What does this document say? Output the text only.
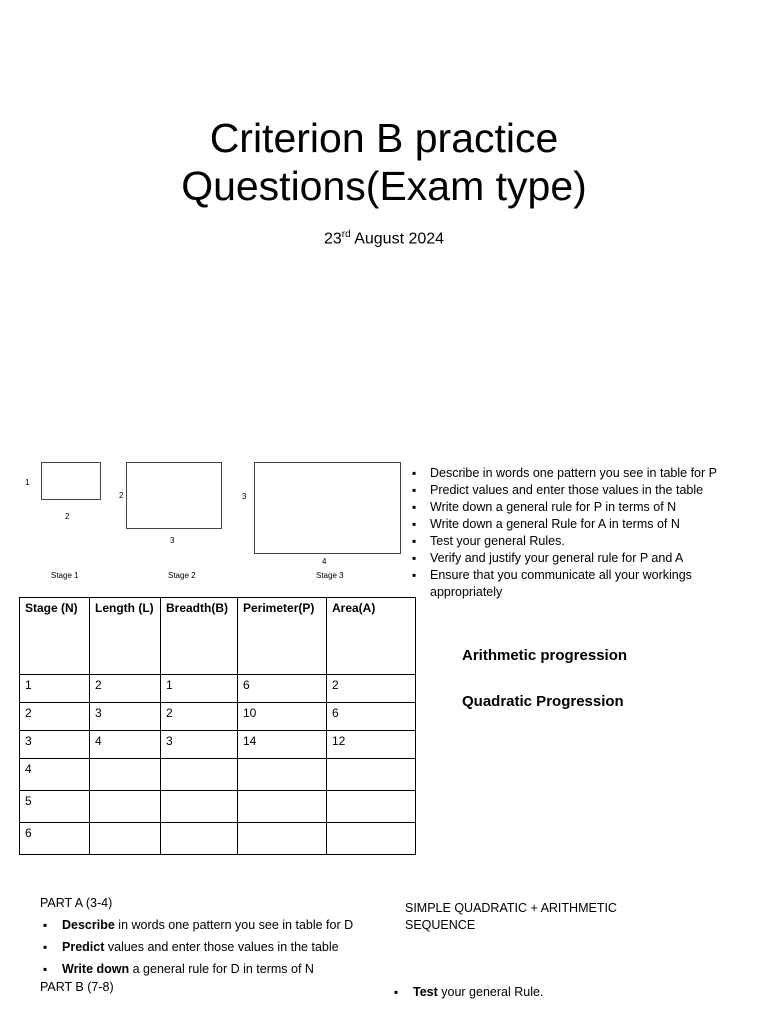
Criterion B practice
Questions(Exam type)
23rd August 2024
1
2
Stage 1
2
3
Stage 2
3
4
Stage 3
▪ Describe in words one pattern you see in table for P
▪ Predict values and enter those values in the table
▪ Write down a general rule for P in terms of N
▪ Write down a general Rule for A in terms of N
▪ Test your general Rules.
▪ Verify and justify your general rule for P and A
▪ Ensure that you communicate all your workings appropriately
Stage (N)	Length (L)	Breadth(B)	Perimeter(P)	Area(A)
1	2	1	6	2
2	3	2	10	6
3	4	3	14	12
4				
5				
6				
Arithmetic progression
Quadratic Progression
PART A (3-4)
▪ Describe in words one pattern you see in table for D
▪ Predict values and enter those values in the table
▪ Write down a general rule for D in terms of N
PART B (7-8)
SIMPLE QUADRATIC + ARITHMETIC
SEQUENCE
▪ Test your general Rule.
